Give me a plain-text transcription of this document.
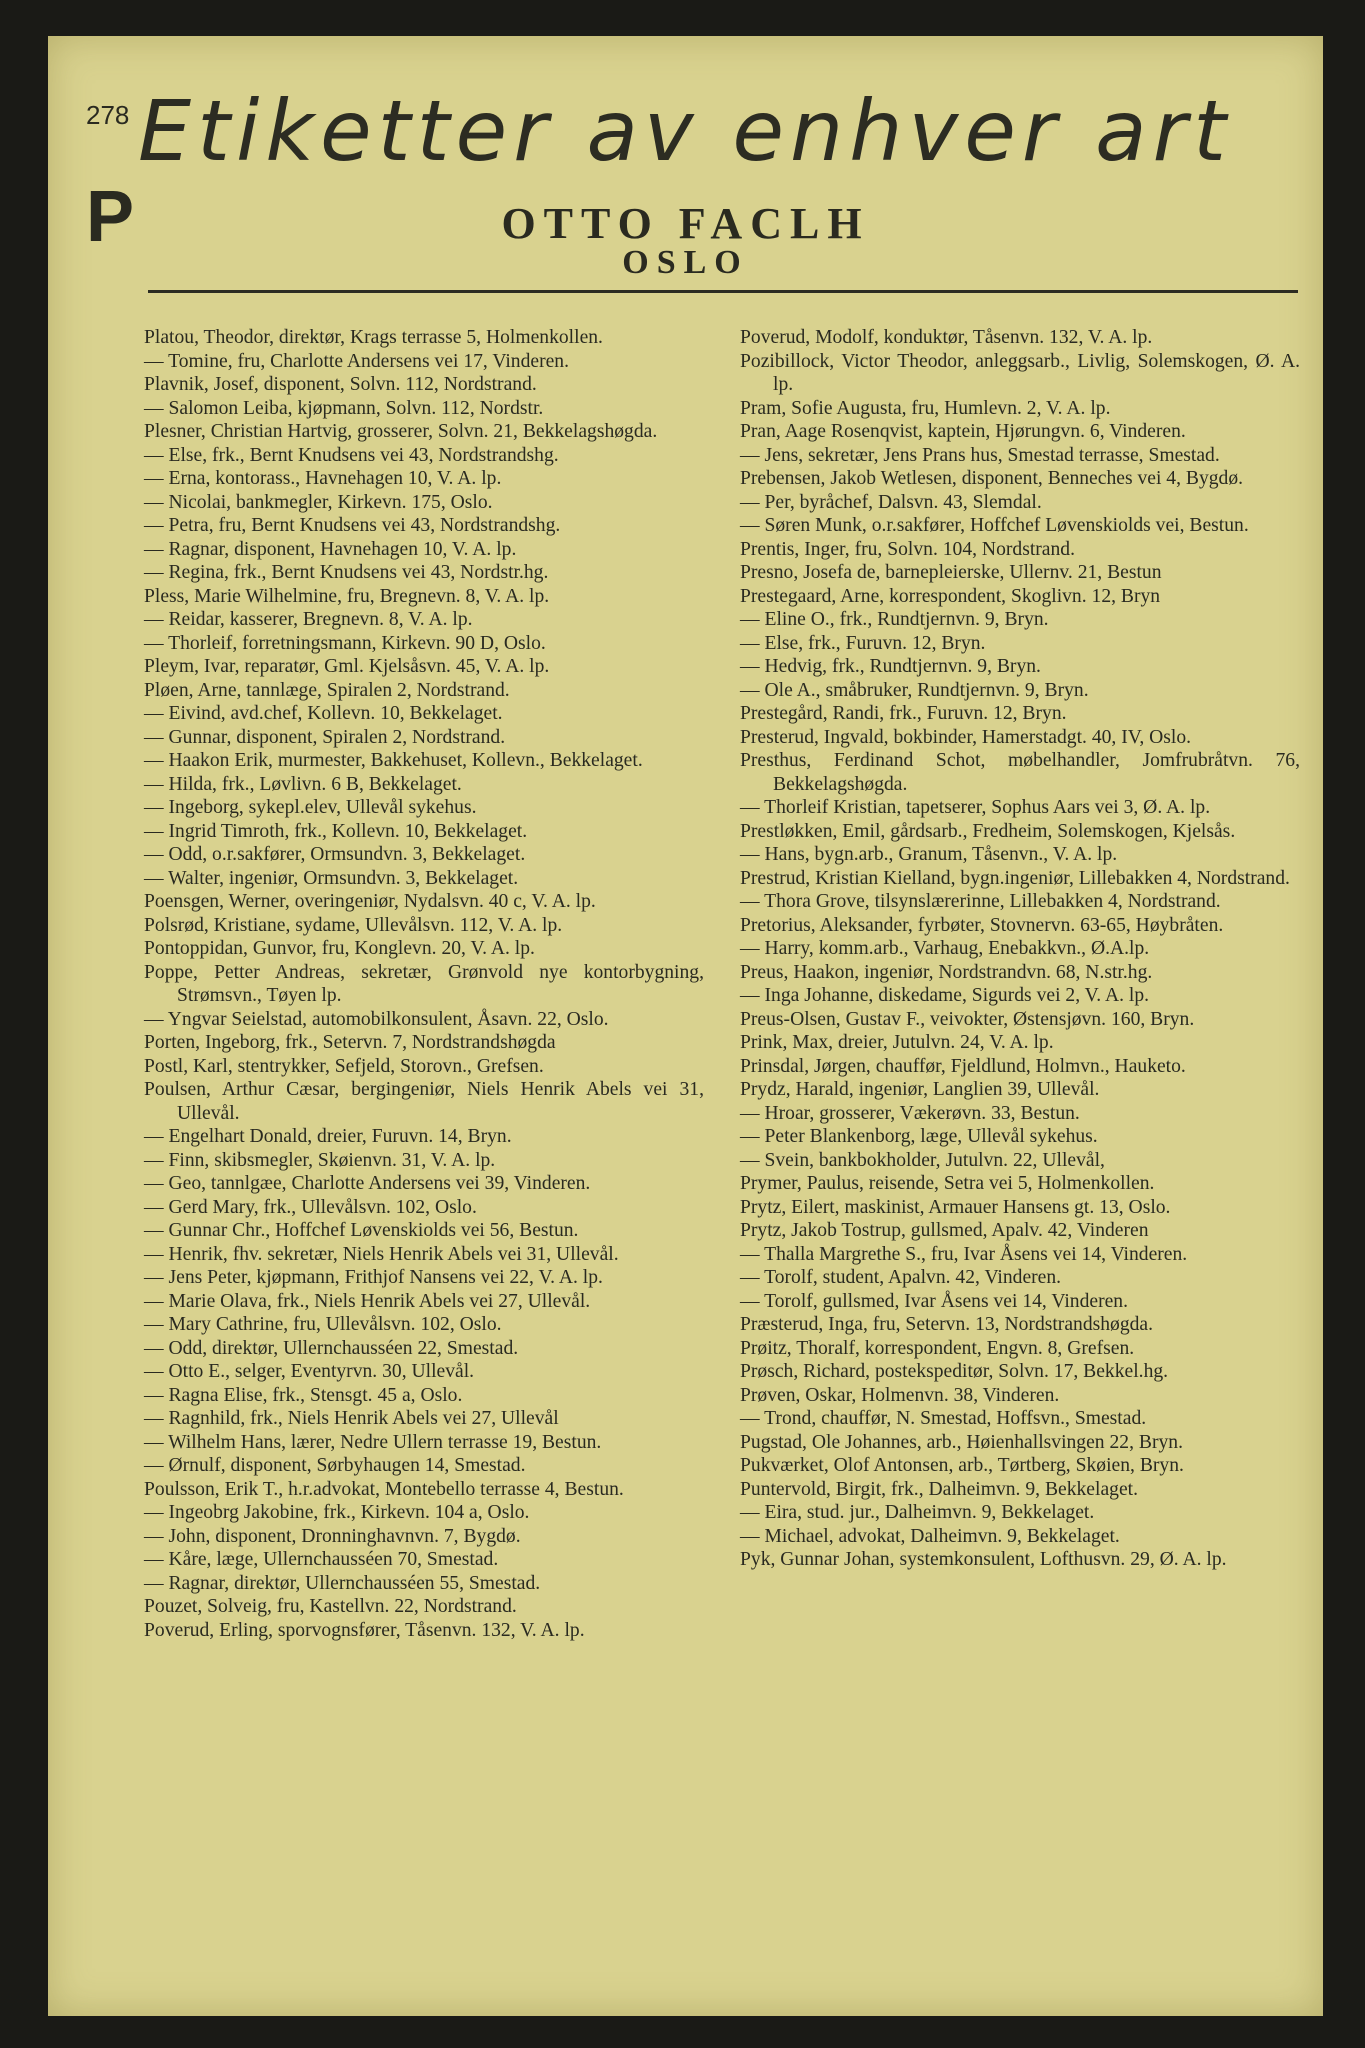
278
P
Etiketter av enhver art
OTTO FACLH
OSLO
Platou, Theodor, direktør, Krags terrasse 5, Holmenkollen.
— Tomine, fru, Charlotte Andersens vei 17, Vinderen.
Plavnik, Josef, disponent, Solvn. 112, Nordstrand.
— Salomon Leiba, kjøpmann, Solvn. 112, Nordstr.
Plesner, Christian Hartvig, grosserer, Solvn. 21, Bekkelagshøgda.
— Else, frk., Bernt Knudsens vei 43, Nordstrandshg.
— Erna, kontorass., Havnehagen 10, V. A. lp.
— Nicolai, bankmegler, Kirkevn. 175, Oslo.
— Petra, fru, Bernt Knudsens vei 43, Nordstrandshg.
— Ragnar, disponent, Havnehagen 10, V. A. lp.
— Regina, frk., Bernt Knudsens vei 43, Nordstr.hg.
Pless, Marie Wilhelmine, fru, Bregnevn. 8, V. A. lp.
— Reidar, kasserer, Bregnevn. 8, V. A. lp.
— Thorleif, forretningsmann, Kirkevn. 90 D, Oslo.
Pleym, Ivar, reparatør, Gml. Kjelsåsvn. 45, V. A. lp.
Pløen, Arne, tannlæge, Spiralen 2, Nordstrand.
— Eivind, avd.chef, Kollevn. 10, Bekkelaget.
— Gunnar, disponent, Spiralen 2, Nordstrand.
— Haakon Erik, murmester, Bakkehuset, Kollevn., Bekkelaget.
— Hilda, frk., Løvlivn. 6 B, Bekkelaget.
— Ingeborg, sykepl.elev, Ullevål sykehus.
— Ingrid Timroth, frk., Kollevn. 10, Bekkelaget.
— Odd, o.r.sakfører, Ormsundvn. 3, Bekkelaget.
— Walter, ingeniør, Ormsundvn. 3, Bekkelaget.
Poensgen, Werner, overingeniør, Nydalsvn. 40 c, V. A. lp.
Polsrød, Kristiane, sydame, Ullevålsvn. 112, V. A. lp.
Pontoppidan, Gunvor, fru, Konglevn. 20, V. A. lp.
Poppe, Petter Andreas, sekretær, Grønvold nye kontorbygning, Strømsvn., Tøyen lp.
— Yngvar Seielstad, automobilkonsulent, Åsavn. 22, Oslo.
Porten, Ingeborg, frk., Setervn. 7, Nordstrandshøgda
Postl, Karl, stentrykker, Sefjeld, Storovn., Grefsen.
Poulsen, Arthur Cæsar, bergingeniør, Niels Henrik Abels vei 31, Ullevål.
— Engelhart Donald, dreier, Furuvn. 14, Bryn.
— Finn, skibsmegler, Skøienvn. 31, V. A. lp.
— Geo, tannlgæe, Charlotte Andersens vei 39, Vinderen.
— Gerd Mary, frk., Ullevålsvn. 102, Oslo.
— Gunnar Chr., Hoffchef Løvenskiolds vei 56, Bestun.
— Henrik, fhv. sekretær, Niels Henrik Abels vei 31, Ullevål.
— Jens Peter, kjøpmann, Frithjof Nansens vei 22, V. A. lp.
— Marie Olava, frk., Niels Henrik Abels vei 27, Ullevål.
— Mary Cathrine, fru, Ullevålsvn. 102, Oslo.
— Odd, direktør, Ullernchausséen 22, Smestad.
— Otto E., selger, Eventyrvn. 30, Ullevål.
— Ragna Elise, frk., Stensgt. 45 a, Oslo.
— Ragnhild, frk., Niels Henrik Abels vei 27, Ullevål
— Wilhelm Hans, lærer, Nedre Ullern terrasse 19, Bestun.
— Ørnulf, disponent, Sørbyhaugen 14, Smestad.
Poulsson, Erik T., h.r.advokat, Montebello terrasse 4, Bestun.
— Ingeobrg Jakobine, frk., Kirkevn. 104 a, Oslo.
— John, disponent, Dronninghavnvn. 7, Bygdø.
— Kåre, læge, Ullernchausséen 70, Smestad.
— Ragnar, direktør, Ullernchausséen 55, Smestad.
Pouzet, Solveig, fru, Kastellvn. 22, Nordstrand.
Poverud, Erling, sporvognsfører, Tåsenvn. 132, V. A. lp.
Poverud, Modolf, konduktør, Tåsenvn. 132, V. A. lp.
Pozibillock, Victor Theodor, anleggsarb., Livlig, Solemskogen, Ø. A. lp.
Pram, Sofie Augusta, fru, Humlevn. 2, V. A. lp.
Pran, Aage Rosenqvist, kaptein, Hjørungvn. 6, Vinderen.
— Jens, sekretær, Jens Prans hus, Smestad terrasse, Smestad.
Prebensen, Jakob Wetlesen, disponent, Benneches vei 4, Bygdø.
— Per, byråchef, Dalsvn. 43, Slemdal.
— Søren Munk, o.r.sakfører, Hoffchef Løvenskiolds vei, Bestun.
Prentis, Inger, fru, Solvn. 104, Nordstrand.
Presno, Josefa de, barnepleierske, Ullernv. 21, Bestun
Prestegaard, Arne, korrespondent, Skoglivn. 12, Bryn
— Eline O., frk., Rundtjernvn. 9, Bryn.
— Else, frk., Furuvn. 12, Bryn.
— Hedvig, frk., Rundtjernvn. 9, Bryn.
— Ole A., småbruker, Rundtjernvn. 9, Bryn.
Prestegård, Randi, frk., Furuvn. 12, Bryn.
Presterud, Ingvald, bokbinder, Hamerstadgt. 40, IV, Oslo.
Presthus, Ferdinand Schot, møbelhandler, Jomfrubråtvn. 76, Bekkelagshøgda.
— Thorleif Kristian, tapetserer, Sophus Aars vei 3, Ø. A. lp.
Prestløkken, Emil, gårdsarb., Fredheim, Solemskogen, Kjelsås.
— Hans, bygn.arb., Granum, Tåsenvn., V. A. lp.
Prestrud, Kristian Kielland, bygn.ingeniør, Lillebakken 4, Nordstrand.
— Thora Grove, tilsynslærerinne, Lillebakken 4, Nordstrand.
Pretorius, Aleksander, fyrbøter, Stovnervn. 63-65, Høybråten.
— Harry, komm.arb., Varhaug, Enebakkvn., Ø.A.lp.
Preus, Haakon, ingeniør, Nordstrandvn. 68, N.str.hg.
— Inga Johanne, diskedame, Sigurds vei 2, V. A. lp.
Preus-Olsen, Gustav F., veivokter, Østensjøvn. 160, Bryn.
Prink, Max, dreier, Jutulvn. 24, V. A. lp.
Prinsdal, Jørgen, chauffør, Fjeldlund, Holmvn., Hauketo.
Prydz, Harald, ingeniør, Langlien 39, Ullevål.
— Hroar, grosserer, Vækerøvn. 33, Bestun.
— Peter Blankenborg, læge, Ullevål sykehus.
— Svein, bankbokholder, Jutulvn. 22, Ullevål,
Prymer, Paulus, reisende, Setra vei 5, Holmenkollen.
Prytz, Eilert, maskinist, Armauer Hansens gt. 13, Oslo.
Prytz, Jakob Tostrup, gullsmed, Apalv. 42, Vinderen
— Thalla Margrethe S., fru, Ivar Åsens vei 14, Vinderen.
— Torolf, student, Apalvn. 42, Vinderen.
— Torolf, gullsmed, Ivar Åsens vei 14, Vinderen.
Præsterud, Inga, fru, Setervn. 13, Nordstrandshøgda.
Prøitz, Thoralf, korrespondent, Engvn. 8, Grefsen.
Prøsch, Richard, postekspeditør, Solvn. 17, Bekkel.hg.
Prøven, Oskar, Holmenvn. 38, Vinderen.
— Trond, chauffør, N. Smestad, Hoffsvn., Smestad.
Pugstad, Ole Johannes, arb., Høienhallsvingen 22, Bryn.
Pukværket, Olof Antonsen, arb., Tørtberg, Skøien, Bryn.
Puntervold, Birgit, frk., Dalheimvn. 9, Bekkelaget.
— Eira, stud. jur., Dalheimvn. 9, Bekkelaget.
— Michael, advokat, Dalheimvn. 9, Bekkelaget.
Pyk, Gunnar Johan, systemkonsulent, Lofthusvn. 29, Ø. A. lp.
